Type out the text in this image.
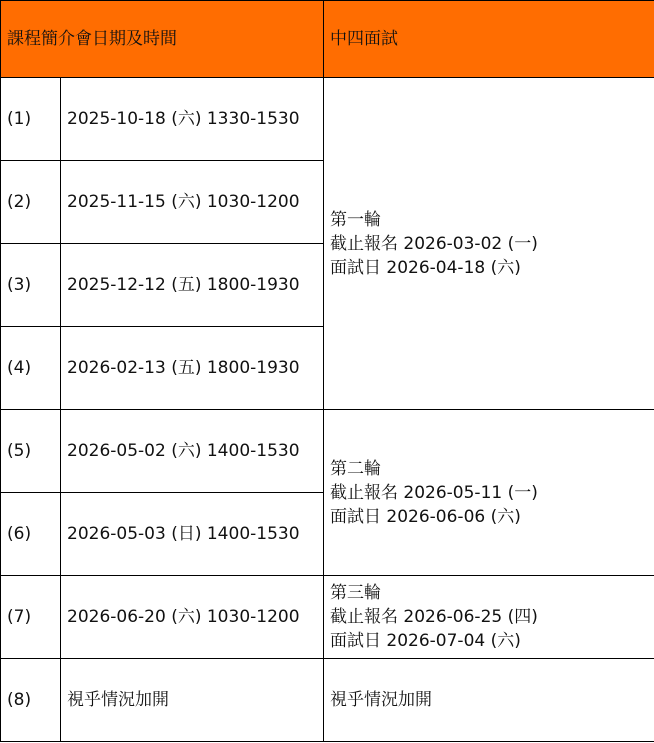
課程簡介會日期及時間		中四面試
(1)	2025-10-18 (六) 1330-1530	第一輪
截止報名 2026-03-02 (一)
面試日 2026-04-18 (六)

(2)	2025-11-15 (六) 1030-1200	
(3)	2025-12-12 (五) 1800-1930	
(4)	2026-02-13 (五) 1800-1930	
(5)	2026-05-02 (六) 1400-1530	第二輪
截止報名 2026-05-11 (一)
面試日 2026-06-06 (六)

(6)	2026-05-03 (日) 1400-1530	
(7)	2026-06-20 (六) 1030-1200	第三輪
截止報名 2026-06-25 (四)
面試日 2026-07-04 (六)

(8)	視乎情況加開	視乎情況加開
